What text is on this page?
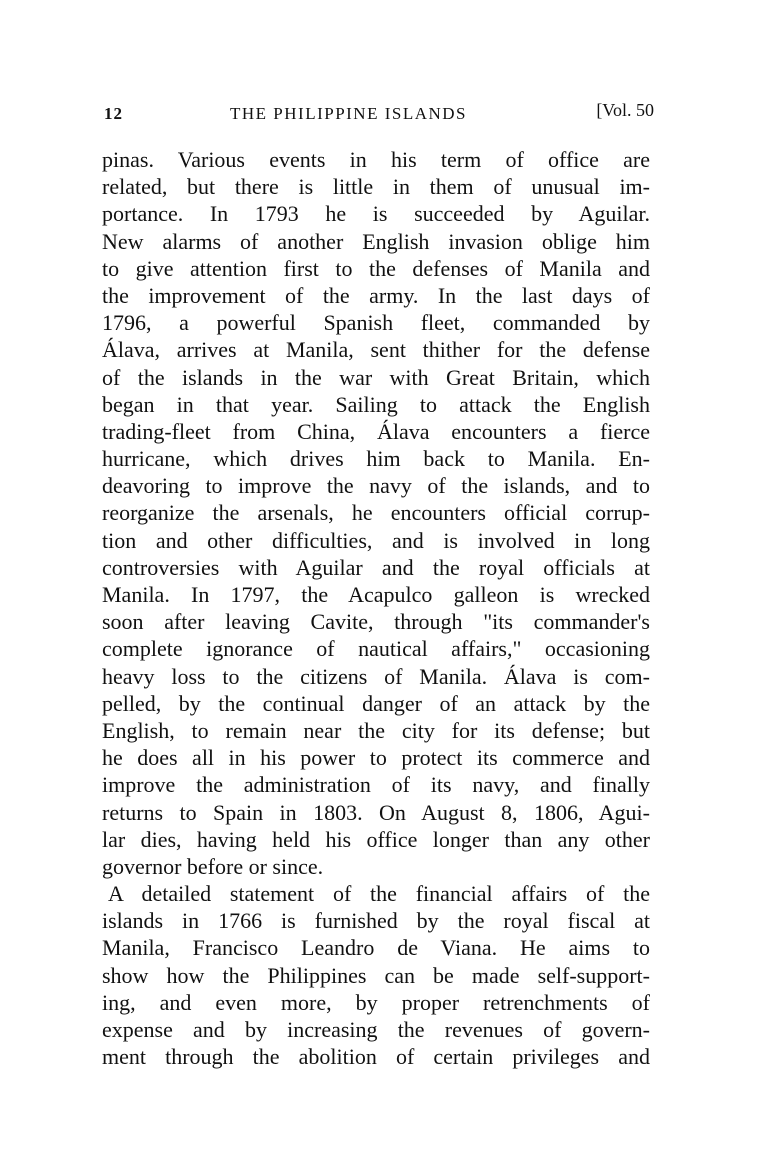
12	THE PHILIPPINE ISLANDS	[Vol. 50
pinas. Various events in his term of office are
related, but there is little in them of unusual im-
portance. In 1793 he is succeeded by Aguilar.
New alarms of another English invasion oblige him
to give attention first to the defenses of Manila and
the improvement of the army. In the last days of
1796, a powerful Spanish fleet, commanded by
Álava, arrives at Manila, sent thither for the defense
of the islands in the war with Great Britain, which
began in that year. Sailing to attack the English
trading-fleet from China, Álava encounters a fierce
hurricane, which drives him back to Manila. En-
deavoring to improve the navy of the islands, and to
reorganize the arsenals, he encounters official corrup-
tion and other difficulties, and is involved in long
controversies with Aguilar and the royal officials at
Manila. In 1797, the Acapulco galleon is wrecked
soon after leaving Cavite, through "its commander's
complete ignorance of nautical affairs," occasioning
heavy loss to the citizens of Manila. Álava is com-
pelled, by the continual danger of an attack by the
English, to remain near the city for its defense; but
he does all in his power to protect its commerce and
improve the administration of its navy, and finally
returns to Spain in 1803. On August 8, 1806, Agui-
lar dies, having held his office longer than any other
governor before or since.
A detailed statement of the financial affairs of the
islands in 1766 is furnished by the royal fiscal at
Manila, Francisco Leandro de Viana. He aims to
show how the Philippines can be made self-support-
ing, and even more, by proper retrenchments of
expense and by increasing the revenues of govern-
ment through the abolition of certain privileges and
